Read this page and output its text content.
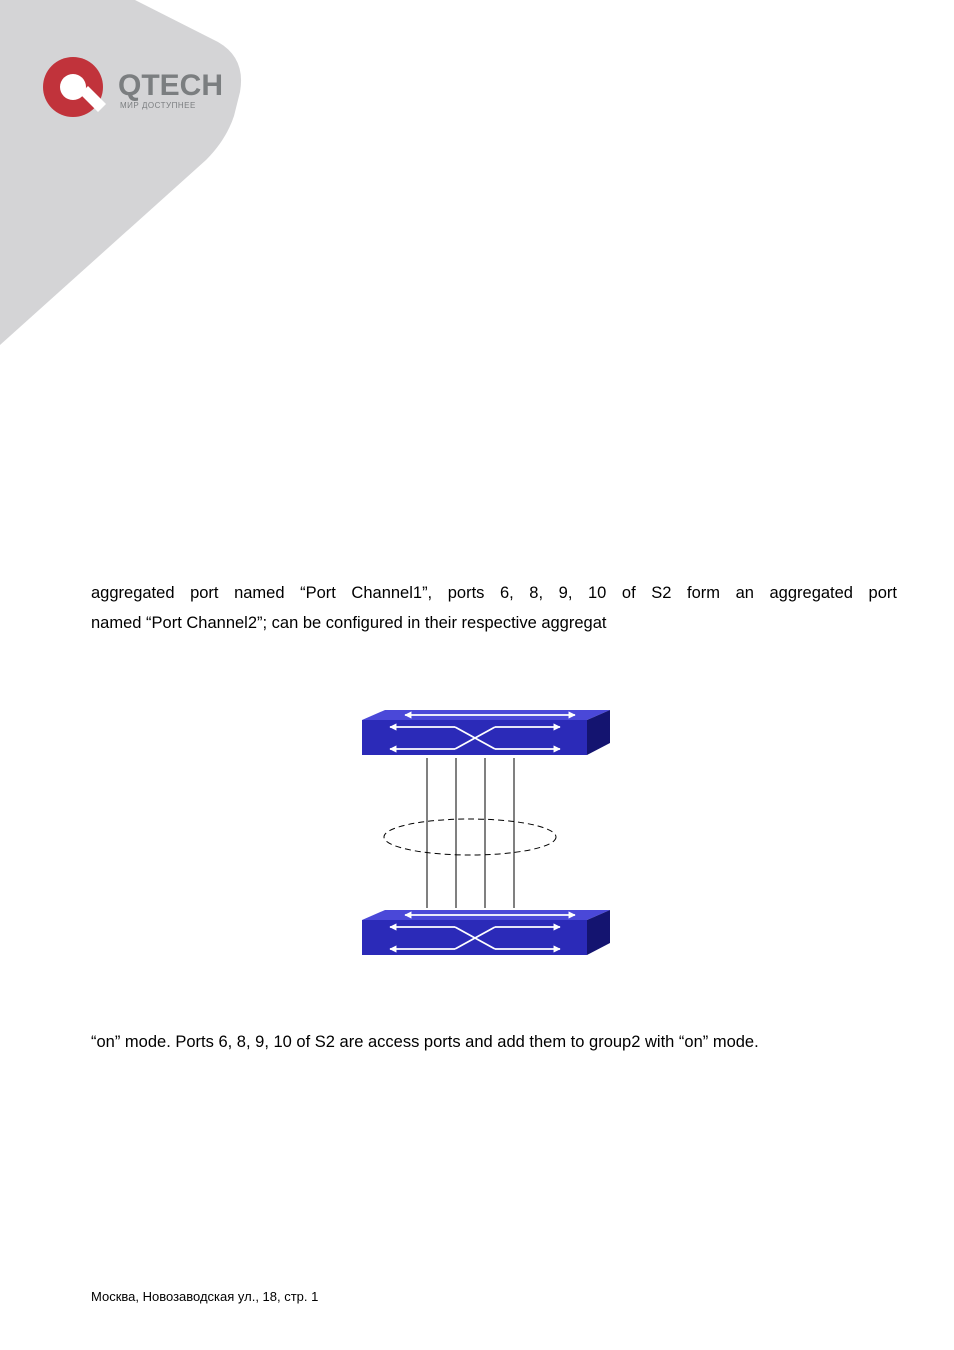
QTECH
МИР ДОСТУПНЕЕ

aggregated port named “Port Channel1”, ports 6, 8, 9, 10 of S2 form an aggregated port
named “Port Channel2”; can be configured in their respective aggregat

“on” mode. Ports 6, 8, 9, 10 of S2 are access ports and add them to group2 with “on” mode.

Москва, Новозаводская ул., 18, стр. 1
